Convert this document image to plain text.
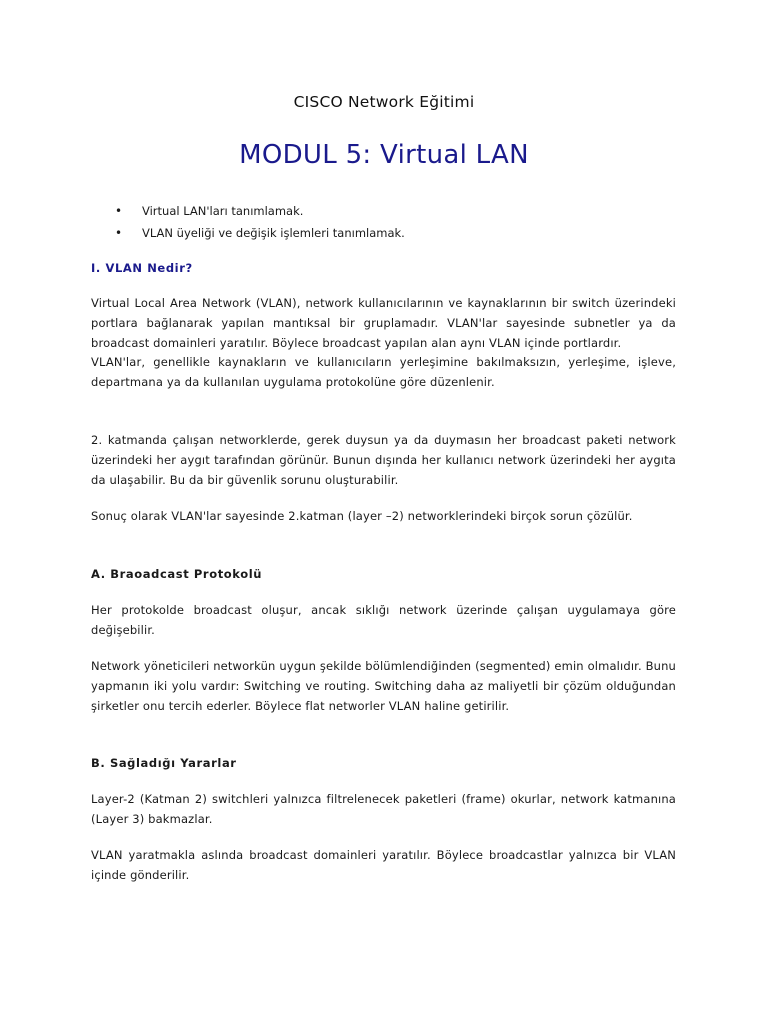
CISCO Network Eğitimi
MODUL 5: Virtual LAN
• Virtual LAN'ları tanımlamak.
• VLAN üyeliği ve değişik işlemleri tanımlamak.
I. VLAN Nedir?
Virtual Local Area Network (VLAN), network kullanıcılarının ve kaynaklarının bir switch üzerindeki portlara bağlanarak yapılan mantıksal bir gruplamadır. VLAN'lar sayesinde subnetler ya da broadcast domainleri yaratılır. Böylece broadcast yapılan alan aynı VLAN içinde portlardır.
VLAN'lar, genellikle kaynakların ve kullanıcıların yerleşimine bakılmaksızın, yerleşime, işleve, departmana ya da kullanılan uygulama protokolüne göre düzenlenir.
2. katmanda çalışan networklerde, gerek duysun ya da duymasın her broadcast paketi network üzerindeki her aygıt tarafından görünür. Bunun dışında her kullanıcı network üzerindeki her aygıta da ulaşabilir. Bu da bir güvenlik sorunu oluşturabilir.
Sonuç olarak VLAN'lar sayesinde 2.katman (layer –2) networklerindeki birçok sorun çözülür.
A. Braoadcast Protokolü
Her protokolde broadcast oluşur, ancak sıklığı network üzerinde çalışan uygulamaya göre değişebilir.
Network yöneticileri networkün uygun şekilde bölümlendiğinden (segmented) emin olmalıdır. Bunu yapmanın iki yolu vardır: Switching ve routing. Switching daha az maliyetli bir çözüm olduğundan şirketler onu tercih ederler. Böylece flat networler VLAN haline getirilir.
B. Sağladığı Yararlar
Layer-2 (Katman 2) switchleri yalnızca filtrelenecek paketleri (frame) okurlar, network katmanına (Layer 3) bakmazlar.
VLAN yaratmakla aslında broadcast domainleri yaratılır. Böylece broadcastlar yalnızca bir VLAN içinde gönderilir.
